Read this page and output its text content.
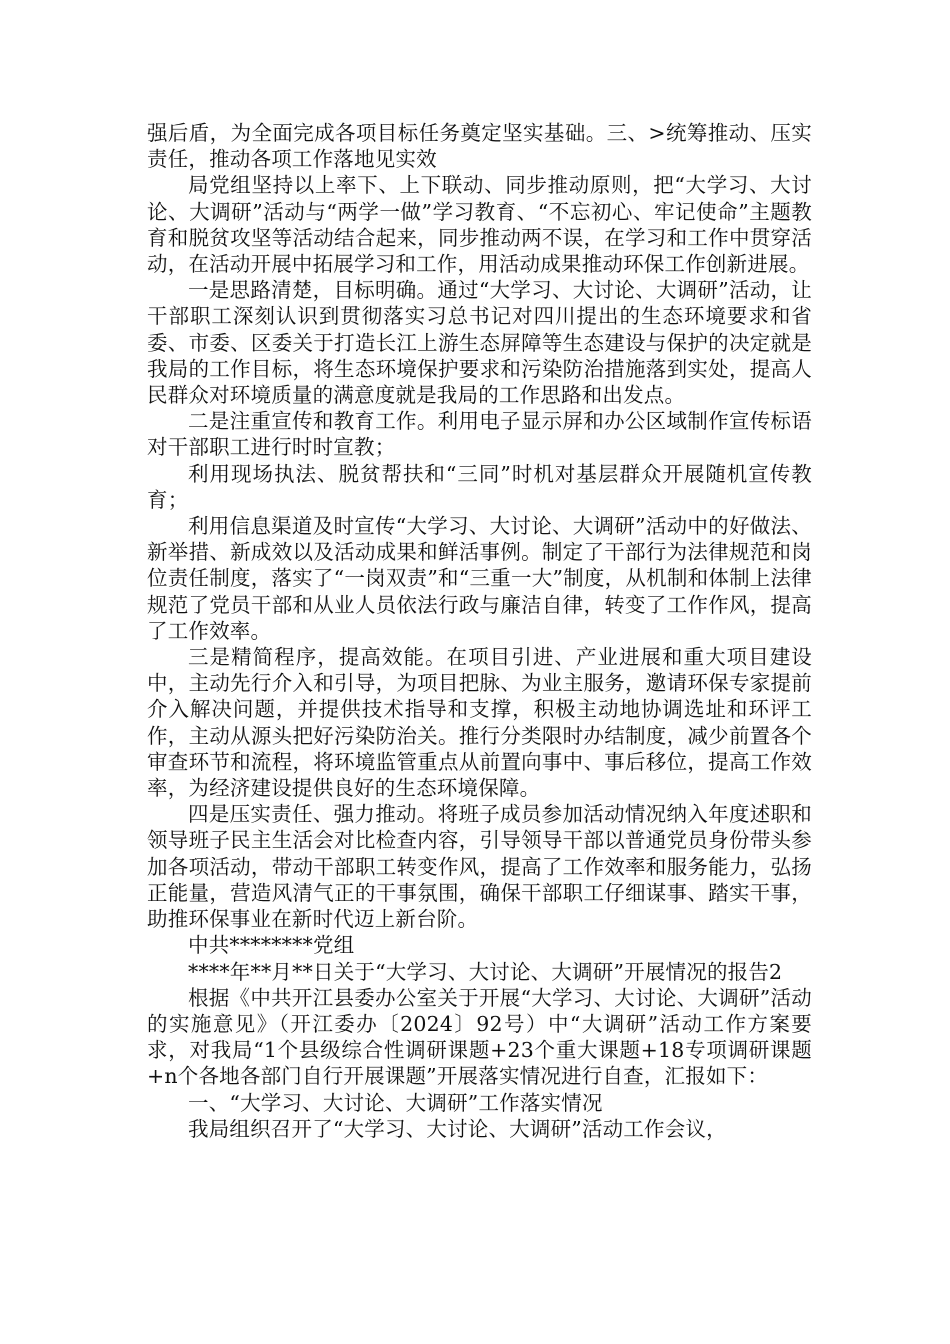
强后盾，为全面完成各项目标任务奠定坚实基础。三、>统筹推动、压实责任，推动各项工作落地见实效

局党组坚持以上率下、上下联动、同步推动原则，把“大学习、大讨论、大调研”活动与“两学一做”学习教育、“不忘初心、牢记使命”主题教育和脱贫攻坚等活动结合起来，同步推动两不误，在学习和工作中贯穿活动，在活动开展中拓展学习和工作，用活动成果推动环保工作创新进展。

一是思路清楚，目标明确。通过“大学习、大讨论、大调研”活动，让干部职工深刻认识到贯彻落实习总书记对四川提出的生态环境要求和省委、市委、区委关于打造长江上游生态屏障等生态建设与保护的决定就是我局的工作目标，将生态环境保护要求和污染防治措施落到实处，提高人民群众对环境质量的满意度就是我局的工作思路和出发点。

二是注重宣传和教育工作。利用电子显示屏和办公区域制作宣传标语对干部职工进行时时宣教；

利用现场执法、脱贫帮扶和“三同”时机对基层群众开展随机宣传教育；

利用信息渠道及时宣传“大学习、大讨论、大调研”活动中的好做法、新举措、新成效以及活动成果和鲜活事例。制定了干部行为法律规范和岗位责任制度，落实了“一岗双责”和“三重一大”制度，从机制和体制上法律规范了党员干部和从业人员依法行政与廉洁自律，转变了工作作风，提高了工作效率。

三是精简程序，提高效能。在项目引进、产业进展和重大项目建设中，主动先行介入和引导，为项目把脉、为业主服务，邀请环保专家提前介入解决问题，并提供技术指导和支撑，积极主动地协调选址和环评工作，主动从源头把好污染防治关。推行分类限时办结制度，减少前置各个审查环节和流程，将环境监管重点从前置向事中、事后移位，提高工作效率，为经济建设提供良好的生态环境保障。

四是压实责任、强力推动。将班子成员参加活动情况纳入年度述职和领导班子民主生活会对比检查内容，引导领导干部以普通党员身份带头参加各项活动，带动干部职工转变作风，提高了工作效率和服务能力，弘扬正能量，营造风清气正的干事氛围，确保干部职工仔细谋事、踏实干事，助推环保事业在新时代迈上新台阶。

中共********党组

****年**月**日关于“大学习、大讨论、大调研”开展情况的报告2

根据《中共开江县委办公室关于开展“大学习、大讨论、大调研”活动的实施意见》（开江委办〔2024〕92号）中“大调研”活动工作方案要求，对我局“1个县级综合性调研课题+23个重大课题+18专项调研课题+n个各地各部门自行开展课题”开展落实情况进行自查，汇报如下：

一、“大学习、大讨论、大调研”工作落实情况

我局组织召开了“大学习、大讨论、大调研”活动工作会议，
